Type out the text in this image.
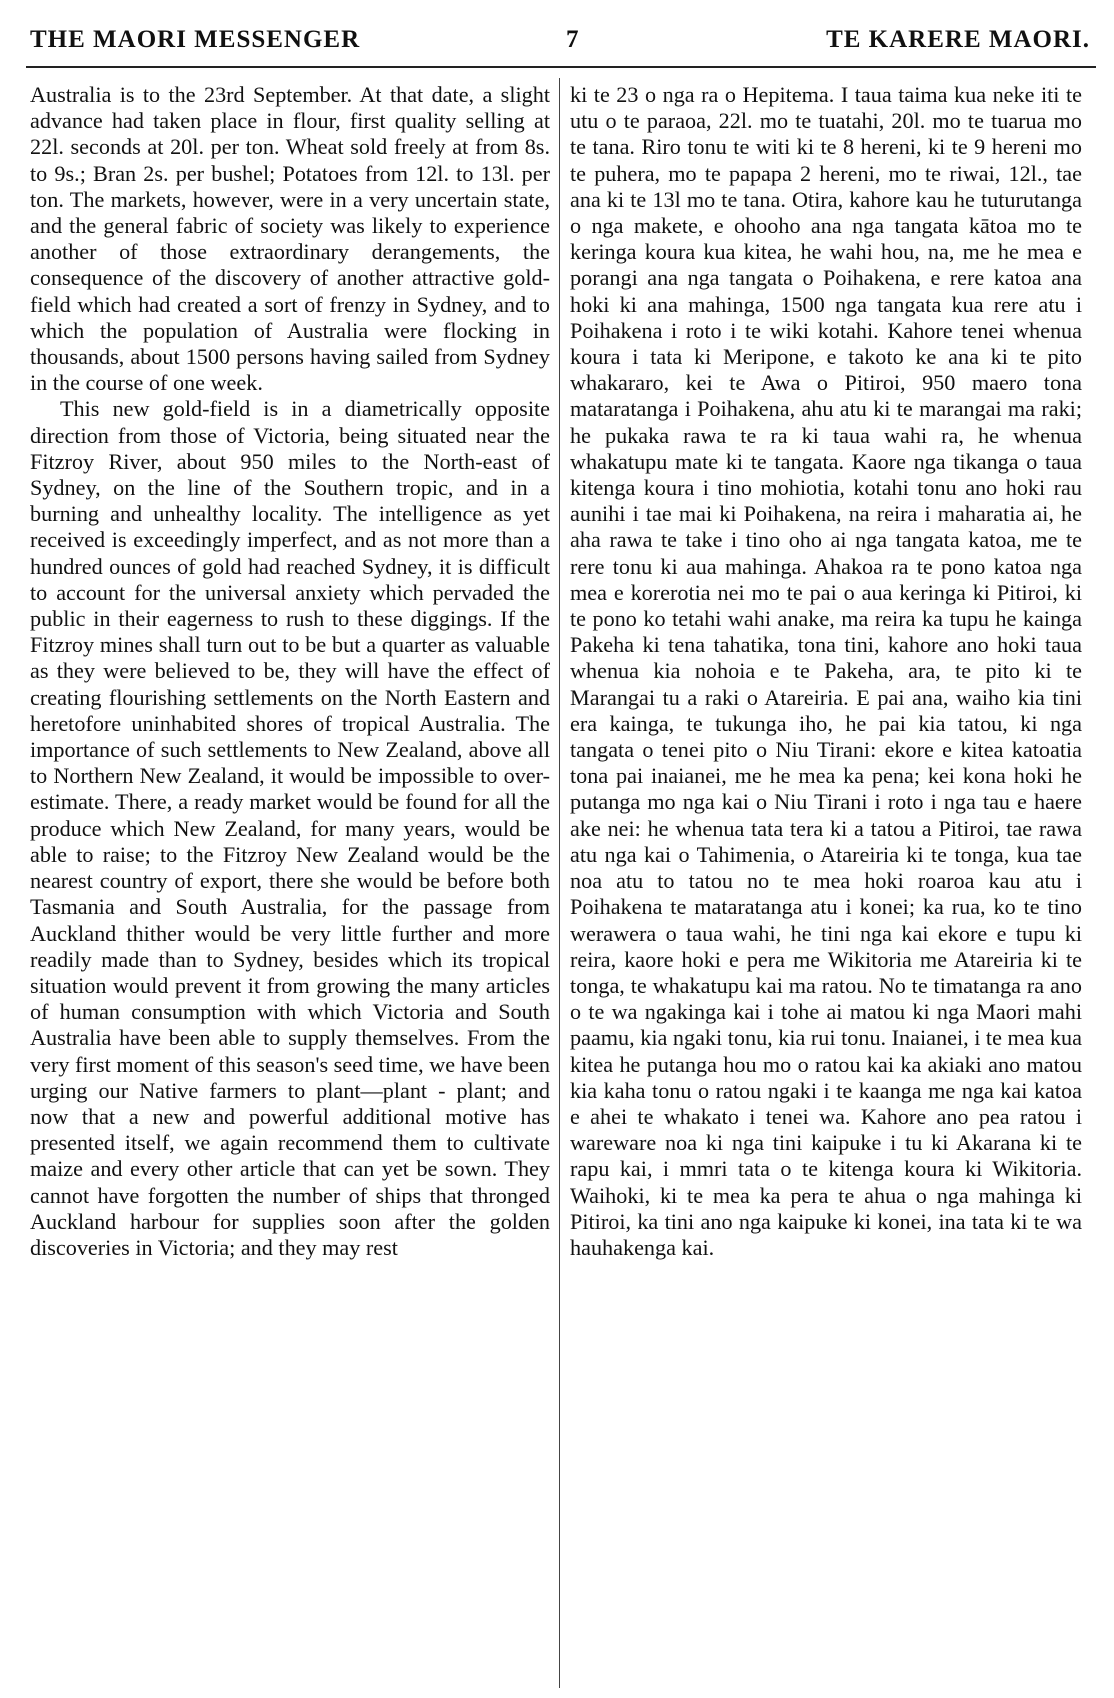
THE MAORI MESSENGER	7	TE KARERE MAORI.

Australia is to the 23rd September. At that date, a slight advance had taken place in flour, first quality selling at 22l. seconds at 20l. per ton. Wheat sold freely at from 8s. to 9s.; Bran 2s. per bushel; Potatoes from 12l. to 13l. per ton. The markets, however, were in a very uncertain state, and the general fabric of society was likely to experience another of those extraordinary derangements, the consequence of the discovery of another attractive gold-field which had created a sort of frenzy in Sydney, and to which the population of Australia were flocking in thousands, about 1500 persons having sailed from Sydney in the course of one week.

This new gold-field is in a diametrically opposite direction from those of Victoria, being situated near the Fitzroy River, about 950 miles to the North-east of Sydney, on the line of the Southern tropic, and in a burning and unhealthy locality. The intelligence as yet received is exceedingly imperfect, and as not more than a hundred ounces of gold had reached Sydney, it is difficult to account for the universal anxiety which pervaded the public in their eagerness to rush to these diggings. If the Fitzroy mines shall turn out to be but a quarter as valuable as they were believed to be, they will have the effect of creating flourishing settlements on the North Eastern and heretofore uninhabited shores of tropical Australia. The importance of such settlements to New Zealand, above all to Northern New Zealand, it would be impossible to over-estimate. There, a ready market would be found for all the produce which New Zealand, for many years, would be able to raise; to the Fitzroy New Zealand would be the nearest country of export, there she would be before both Tasmania and South Australia, for the passage from Auckland thither would be very little further and more readily made than to Sydney, besides which its tropical situation would prevent it from growing the many articles of human consumption with which Victoria and South Australia have been able to supply themselves. From the very first moment of this season's seed time, we have been urging our Native farmers to plant—plant - plant; and now that a new and powerful additional motive has presented itself, we again recommend them to cultivate maize and every other article that can yet be sown. They cannot have forgotten the number of ships that thronged Auckland harbour for supplies soon after the golden discoveries in Victoria; and they may rest

ki te 23 o nga ra o Hepitema. I taua taima kua neke iti te utu o te paraoa, 22l. mo te tuatahi, 20l. mo te tuarua mo te tana. Riro tonu te witi ki te 8 hereni, ki te 9 hereni mo te puhera, mo te papapa 2 hereni, mo te riwai, 12l., tae ana ki te 13l mo te tana. Otira, kahore kau he tuturutanga o nga makete, e ohooho ana nga tangata kātoa mo te keringa koura kua kitea, he wahi hou, na, me he mea e porangi ana nga tangata o Poihakena, e rere katoa ana hoki ki ana mahinga, 1500 nga tangata kua rere atu i Poihakena i roto i te wiki kotahi. Kahore tenei whenua koura i tata ki Meripone, e takoto ke ana ki te pito whakararo, kei te Awa o Pitiroi, 950 maero tona mataratanga i Poihakena, ahu atu ki te marangai ma raki; he pukaka rawa te ra ki taua wahi ra, he whenua whakatupu mate ki te tangata. Kaore nga tikanga o taua kitenga koura i tino mohiotia, kotahi tonu ano hoki rau aunihi i tae mai ki Poihakena, na reira i maharatia ai, he aha rawa te take i tino oho ai nga tangata katoa, me te rere tonu ki aua mahinga. Ahakoa ra te pono katoa nga mea e korerotia nei mo te pai o aua keringa ki Pitiroi, ki te pono ko tetahi wahi anake, ma reira ka tupu he kainga Pakeha ki tena tahatika, tona tini, kahore ano hoki taua whenua kia nohoia e te Pakeha, ara, te pito ki te Marangai tu a raki o Atareiria. E pai ana, waiho kia tini era kainga, te tukunga iho, he pai kia tatou, ki nga tangata o tenei pito o Niu Tirani: ekore e kitea katoatia tona pai inaianei, me he mea ka pena; kei kona hoki he putanga mo nga kai o Niu Tirani i roto i nga tau e haere ake nei: he whenua tata tera ki a tatou a Pitiroi, tae rawa atu nga kai o Tahimenia, o Atareiria ki te tonga, kua tae noa atu to tatou no te mea hoki roaroa kau atu i Poihakena te mataratanga atu i konei; ka rua, ko te tino werawera o taua wahi, he tini nga kai ekore e tupu ki reira, kaore hoki e pera me Wikitoria me Atareiria ki te tonga, te whakatupu kai ma ratou. No te timatanga ra ano o te wa ngakinga kai i tohe ai matou ki nga Maori mahi paamu, kia ngaki tonu, kia rui tonu. Inaianei, i te mea kua kitea he putanga hou mo o ratou kai ka akiaki ano matou kia kaha tonu o ratou ngaki i te kaanga me nga kai katoa e ahei te whakato i tenei wa. Kahore ano pea ratou i wareware noa ki nga tini kaipuke i tu ki Akarana ki te rapu kai, i mmri tata o te kitenga koura ki Wikitoria. Waihoki, ki te mea ka pera te ahua o nga mahinga ki Pitiroi, ka tini ano nga kaipuke ki konei, ina tata ki te wa hauhakenga kai.
